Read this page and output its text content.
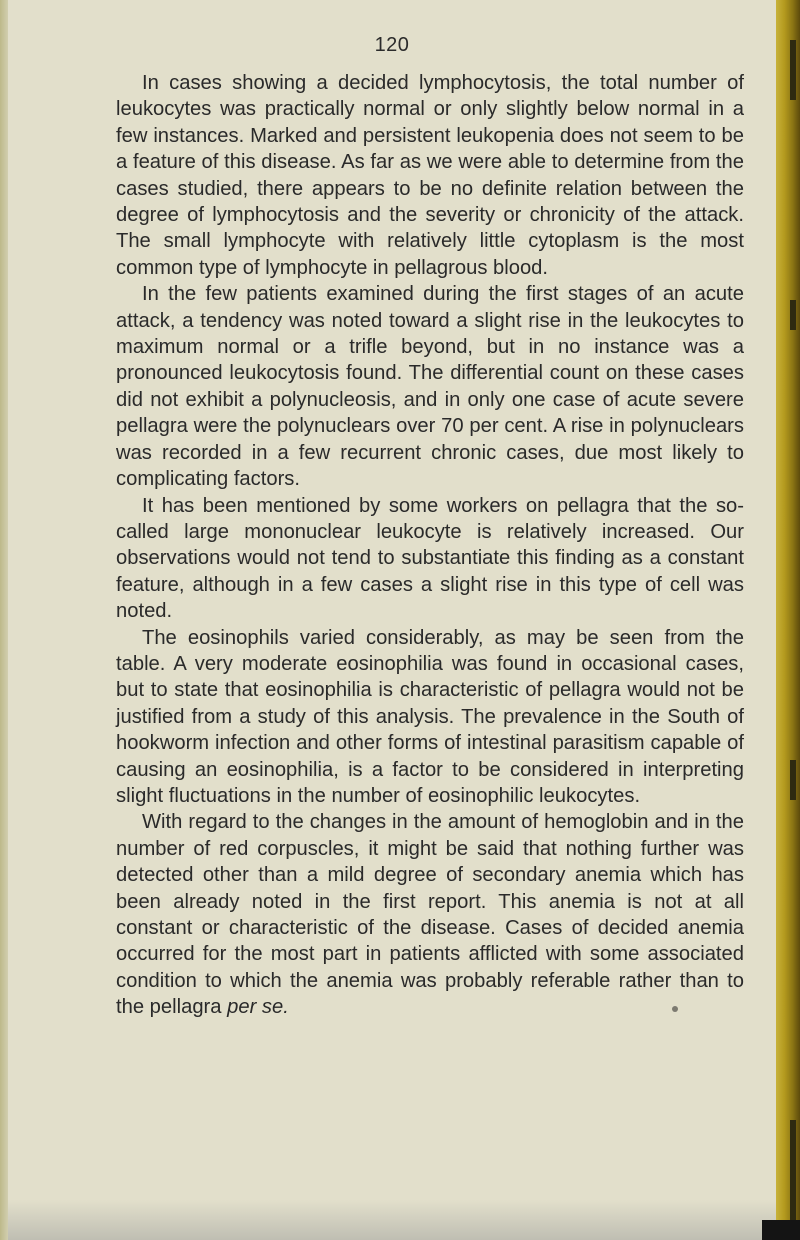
120

In cases showing a decided lymphocytosis, the total number of leukocytes was practically normal or only slightly below normal in a few instances. Marked and persistent leukopenia does not seem to be a feature of this disease. As far as we were able to determine from the cases studied, there appears to be no definite relation between the degree of lymphocytosis and the severity or chronicity of the attack. The small lymphocyte with relatively little cytoplasm is the most common type of lymphocyte in pellagrous blood.

In the few patients examined during the first stages of an acute attack, a tendency was noted toward a slight rise in the leukocytes to maximum normal or a trifle beyond, but in no instance was a pronounced leukocytosis found. The differential count on these cases did not exhibit a polynucleosis, and in only one case of acute severe pellagra were the polynuclears over 70 per cent. A rise in polynuclears was recorded in a few recurrent chronic cases, due most likely to complicating factors.

It has been mentioned by some workers on pellagra that the so-called large mononuclear leukocyte is relatively increased. Our observations would not tend to substantiate this finding as a constant feature, although in a few cases a slight rise in this type of cell was noted.

The eosinophils varied considerably, as may be seen from the table. A very moderate eosinophilia was found in occasional cases, but to state that eosinophilia is characteristic of pellagra would not be justified from a study of this analysis. The prevalence in the South of hookworm infection and other forms of intestinal parasitism capable of causing an eosinophilia, is a factor to be considered in interpreting slight fluctuations in the number of eosinophilic leukocytes.

With regard to the changes in the amount of hemoglobin and in the number of red corpuscles, it might be said that nothing further was detected other than a mild degree of secondary anemia which has been already noted in the first report. This anemia is not at all constant or characteristic of the disease. Cases of decided anemia occurred for the most part in patients afflicted with some associated condition to which the anemia was probably referable rather than to the pellagra per se.
